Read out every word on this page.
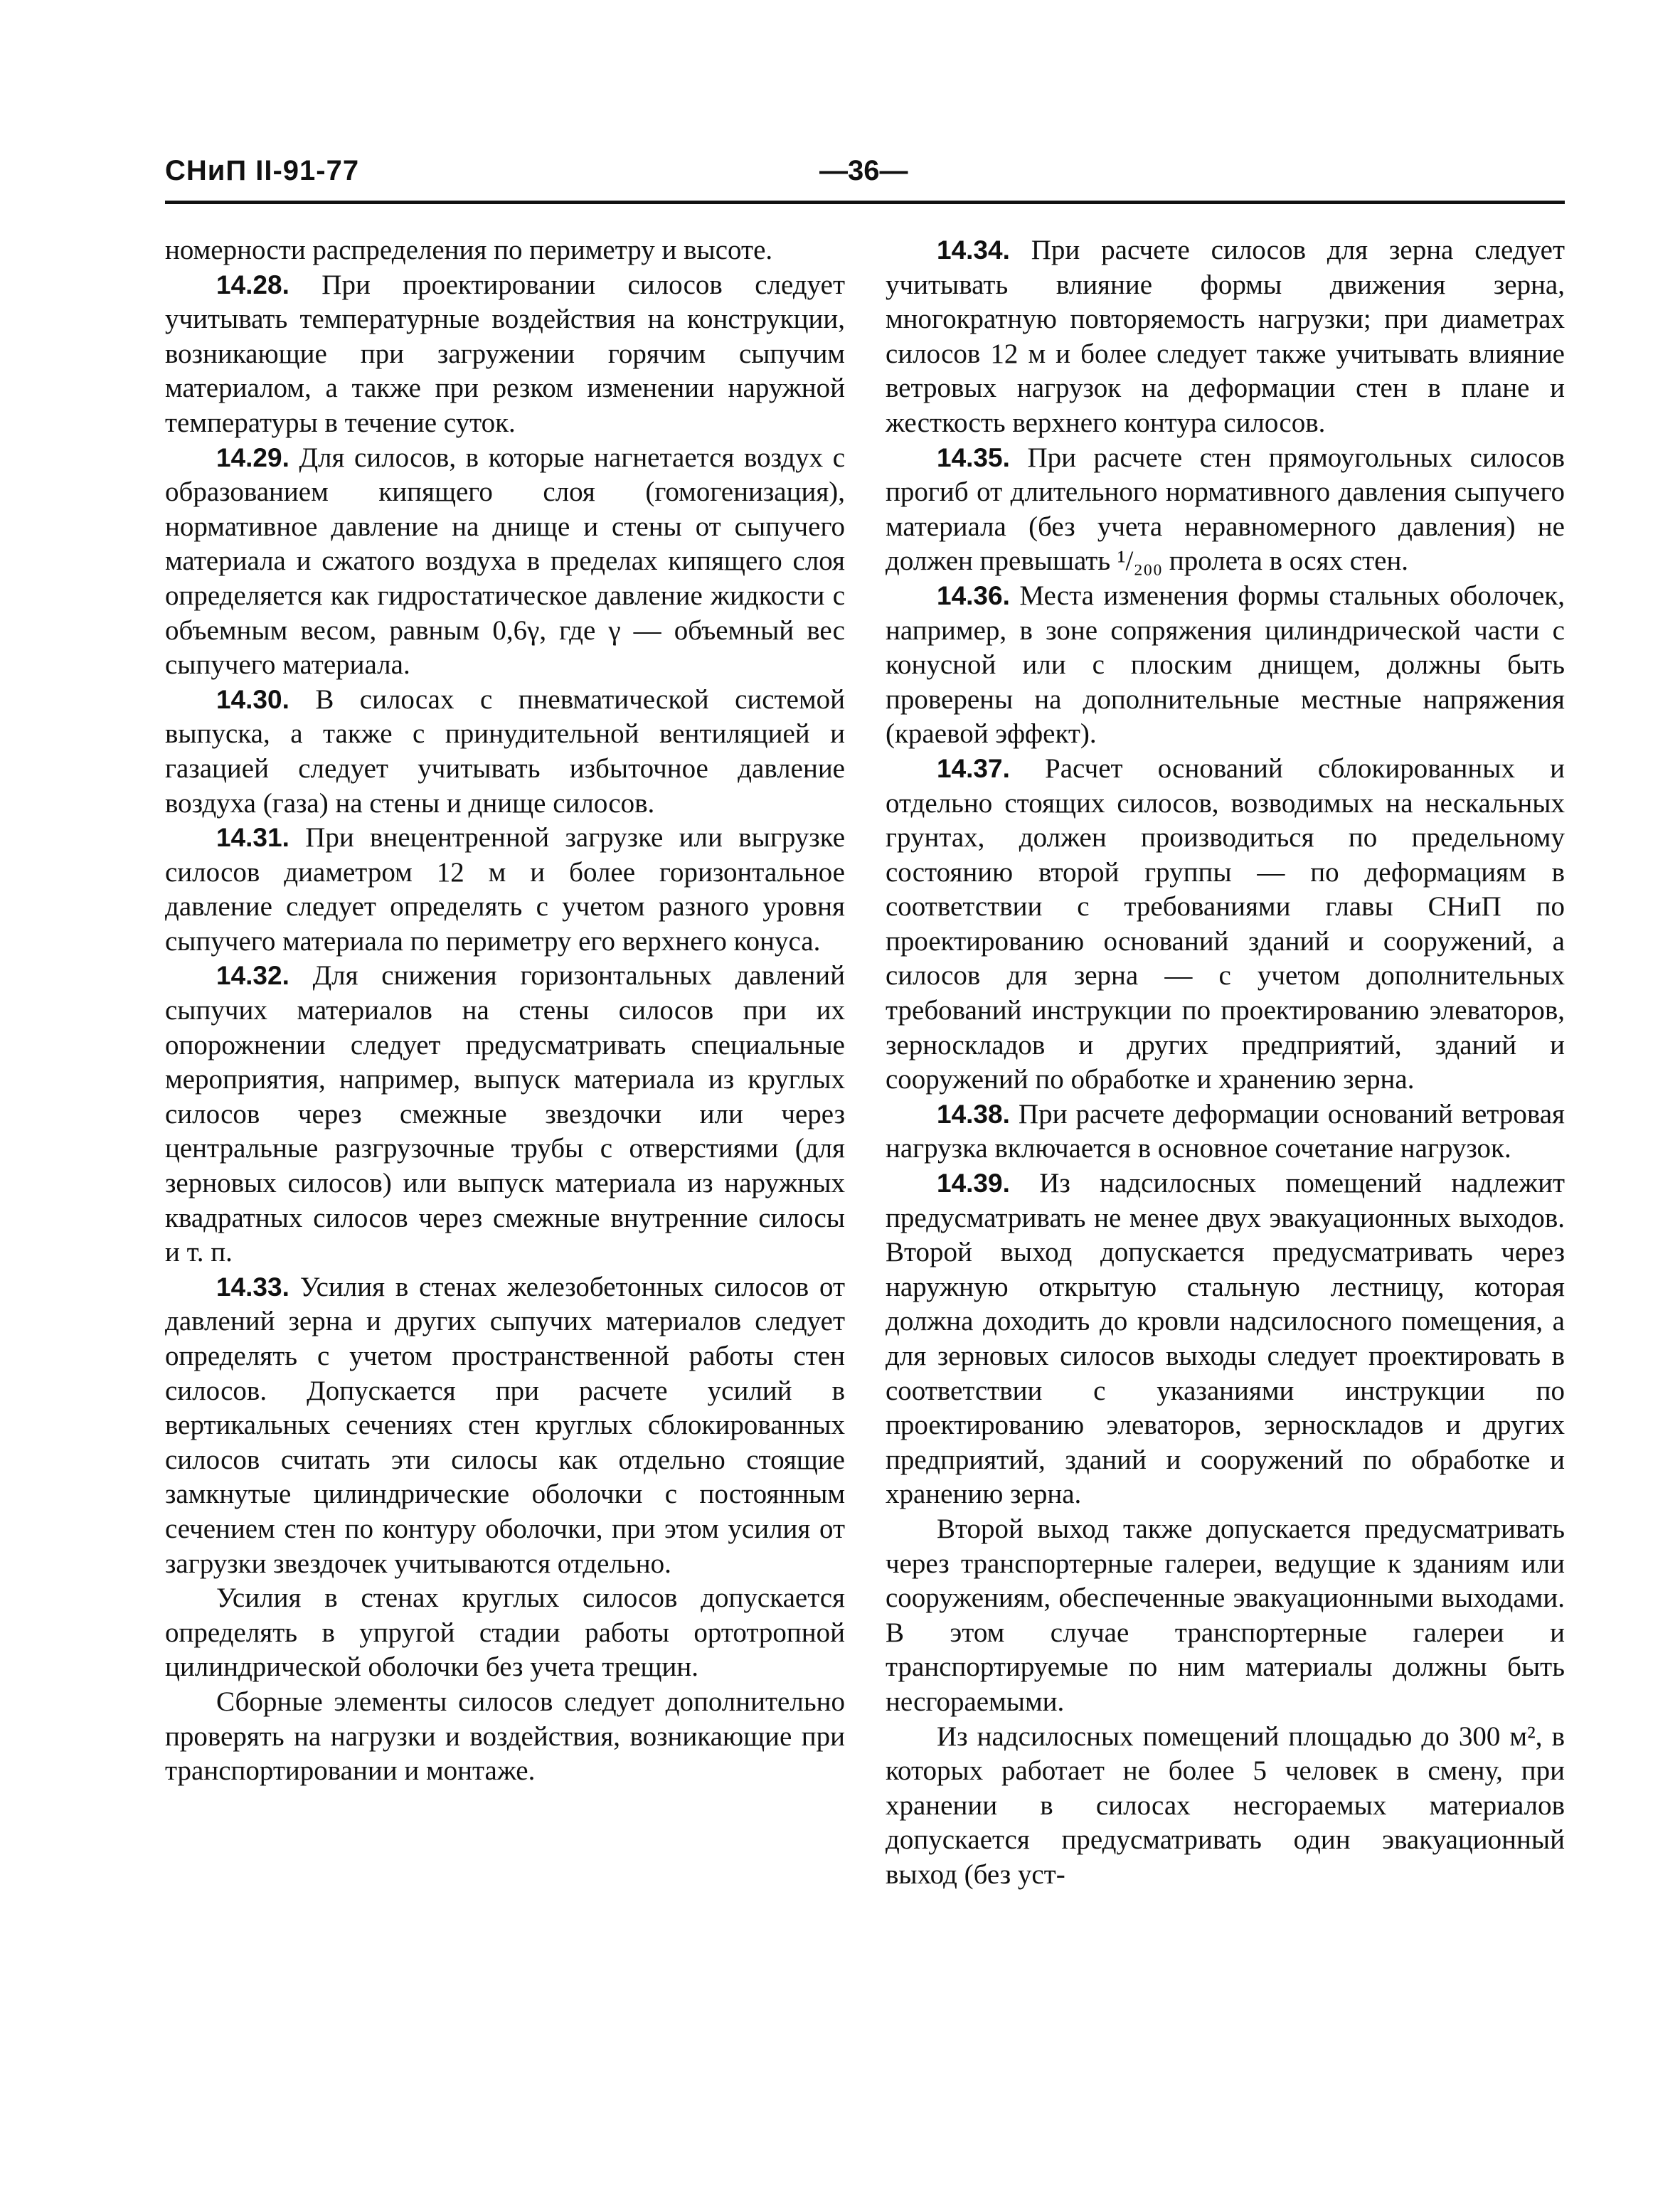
СНиП II-91-77	—36—

номерности распределения по периметру и высоте.

14.28. При проектировании силосов следует учитывать температурные воздействия на конструкции, возникающие при загружении горячим сыпучим материалом, а также при резком изменении наружной температуры в течение суток.

14.29. Для силосов, в которые нагнетается воздух с образованием кипящего слоя (гомогенизация), нормативное давление на днище и стены от сыпучего материала и сжатого воздуха в пределах кипящего слоя определяется как гидростатическое давление жидкости с объемным весом, равным 0,6γ, где γ — объемный вес сыпучего материала.

14.30. В силосах с пневматической системой выпуска, а также с принудительной вентиляцией и газацией следует учитывать избыточное давление воздуха (газа) на стены и днище силосов.

14.31. При внецентренной загрузке или выгрузке силосов диаметром 12 м и более горизонтальное давление следует определять с учетом разного уровня сыпучего материала по периметру его верхнего конуса.

14.32. Для снижения горизонтальных давлений сыпучих материалов на стены силосов при их опорожнении следует предусматривать специальные мероприятия, например, выпуск материала из круглых силосов через смежные звездочки или через центральные разгрузочные трубы с отверстиями (для зерновых силосов) или выпуск материала из наружных квадратных силосов через смежные внутренние силосы и т. п.

14.33. Усилия в стенах железобетонных силосов от давлений зерна и других сыпучих материалов следует определять с учетом пространственной работы стен силосов. Допускается при расчете усилий в вертикальных сечениях стен круглых сблокированных силосов считать эти силосы как отдельно стоящие замкнутые цилиндрические оболочки с постоянным сечением стен по контуру оболочки, при этом усилия от загрузки звездочек учитываются отдельно.

Усилия в стенах круглых силосов допускается определять в упругой стадии работы ортотропной цилиндрической оболочки без учета трещин.

Сборные элементы силосов следует дополнительно проверять на нагрузки и воздействия, возникающие при транспортировании и монтаже.

14.34. При расчете силосов для зерна следует учитывать влияние формы движения зерна, многократную повторяемость нагрузки; при диаметрах силосов 12 м и более следует также учитывать влияние ветровых нагрузок на деформации стен в плане и жесткость верхнего контура силосов.

14.35. При расчете стен прямоугольных силосов прогиб от длительного нормативного давления сыпучего материала (без учета неравномерного давления) не должен превышать ¹/₂₀₀ пролета в осях стен.

14.36. Места изменения формы стальных оболочек, например, в зоне сопряжения цилиндрической части с конусной или с плоским днищем, должны быть проверены на дополнительные местные напряжения (краевой эффект).

14.37. Расчет оснований сблокированных и отдельно стоящих силосов, возводимых на нескальных грунтах, должен производиться по предельному состоянию второй группы — по деформациям в соответствии с требованиями главы СНиП по проектированию оснований зданий и сооружений, а силосов для зерна — с учетом дополнительных требований инструкции по проектированию элеваторов, зерноскладов и других предприятий, зданий и сооружений по обработке и хранению зерна.

14.38. При расчете деформации оснований ветровая нагрузка включается в основное сочетание нагрузок.

14.39. Из надсилосных помещений надлежит предусматривать не менее двух эвакуационных выходов. Второй выход допускается предусматривать через наружную открытую стальную лестницу, которая должна доходить до кровли надсилосного помещения, а для зерновых силосов выходы следует проектировать в соответствии с указаниями инструкции по проектированию элеваторов, зерноскладов и других предприятий, зданий и сооружений по обработке и хранению зерна.

Второй выход также допускается предусматривать через транспортерные галереи, ведущие к зданиям или сооружениям, обеспеченные эвакуационными выходами. В этом случае транспортерные галереи и транспортируемые по ним материалы должны быть несгораемыми.

Из надсилосных помещений площадью до 300 м², в которых работает не более 5 человек в смену, при хранении в силосах несгораемых материалов допускается предусматривать один эвакуационный выход (без уст-
